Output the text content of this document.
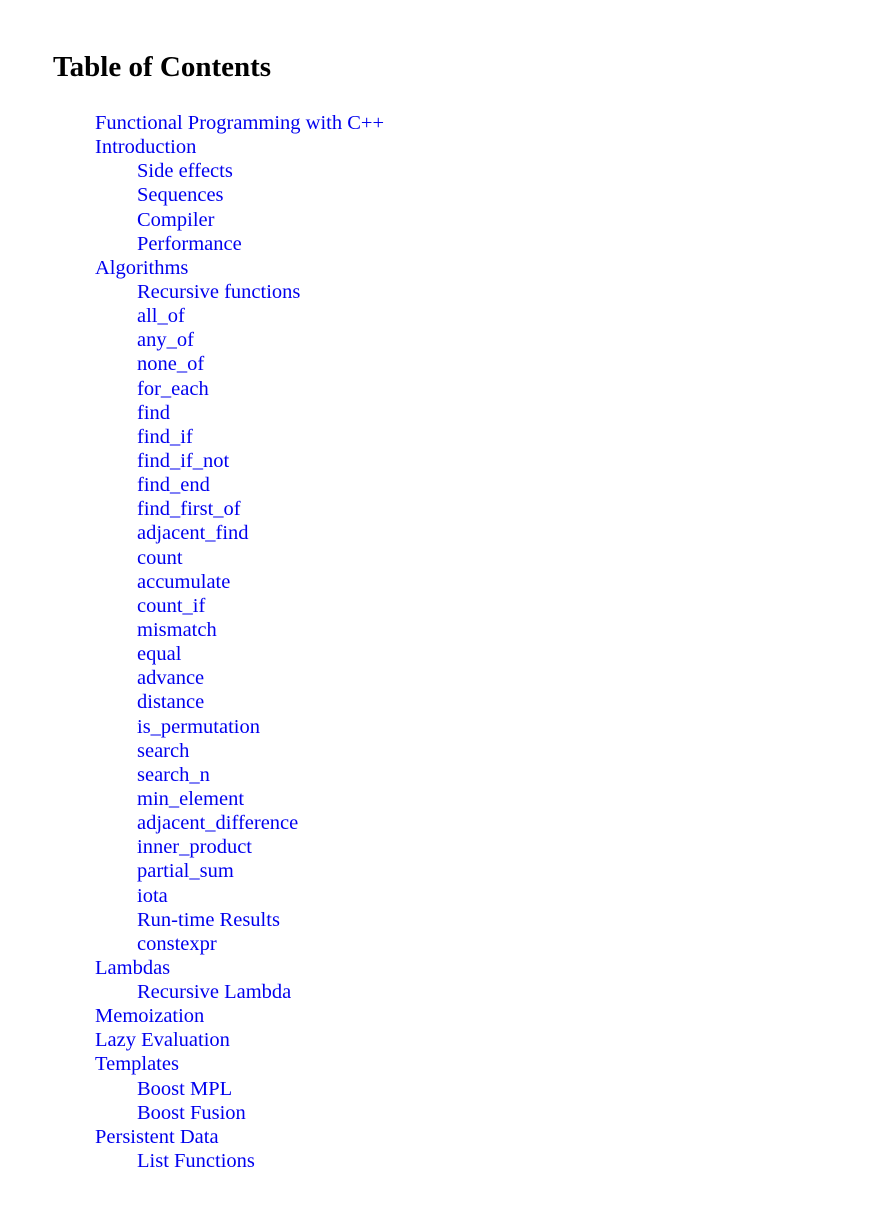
Table of Contents
Functional Programming with C++
Introduction
Side effects
Sequences
Compiler
Performance
Algorithms
Recursive functions
all_of
any_of
none_of
for_each
find
find_if
find_if_not
find_end
find_first_of
adjacent_find
count
accumulate
count_if
mismatch
equal
advance
distance
is_permutation
search
search_n
min_element
adjacent_difference
inner_product
partial_sum
iota
Run-time Results
constexpr
Lambdas
Recursive Lambda
Memoization
Lazy Evaluation
Templates
Boost MPL
Boost Fusion
Persistent Data
List Functions
